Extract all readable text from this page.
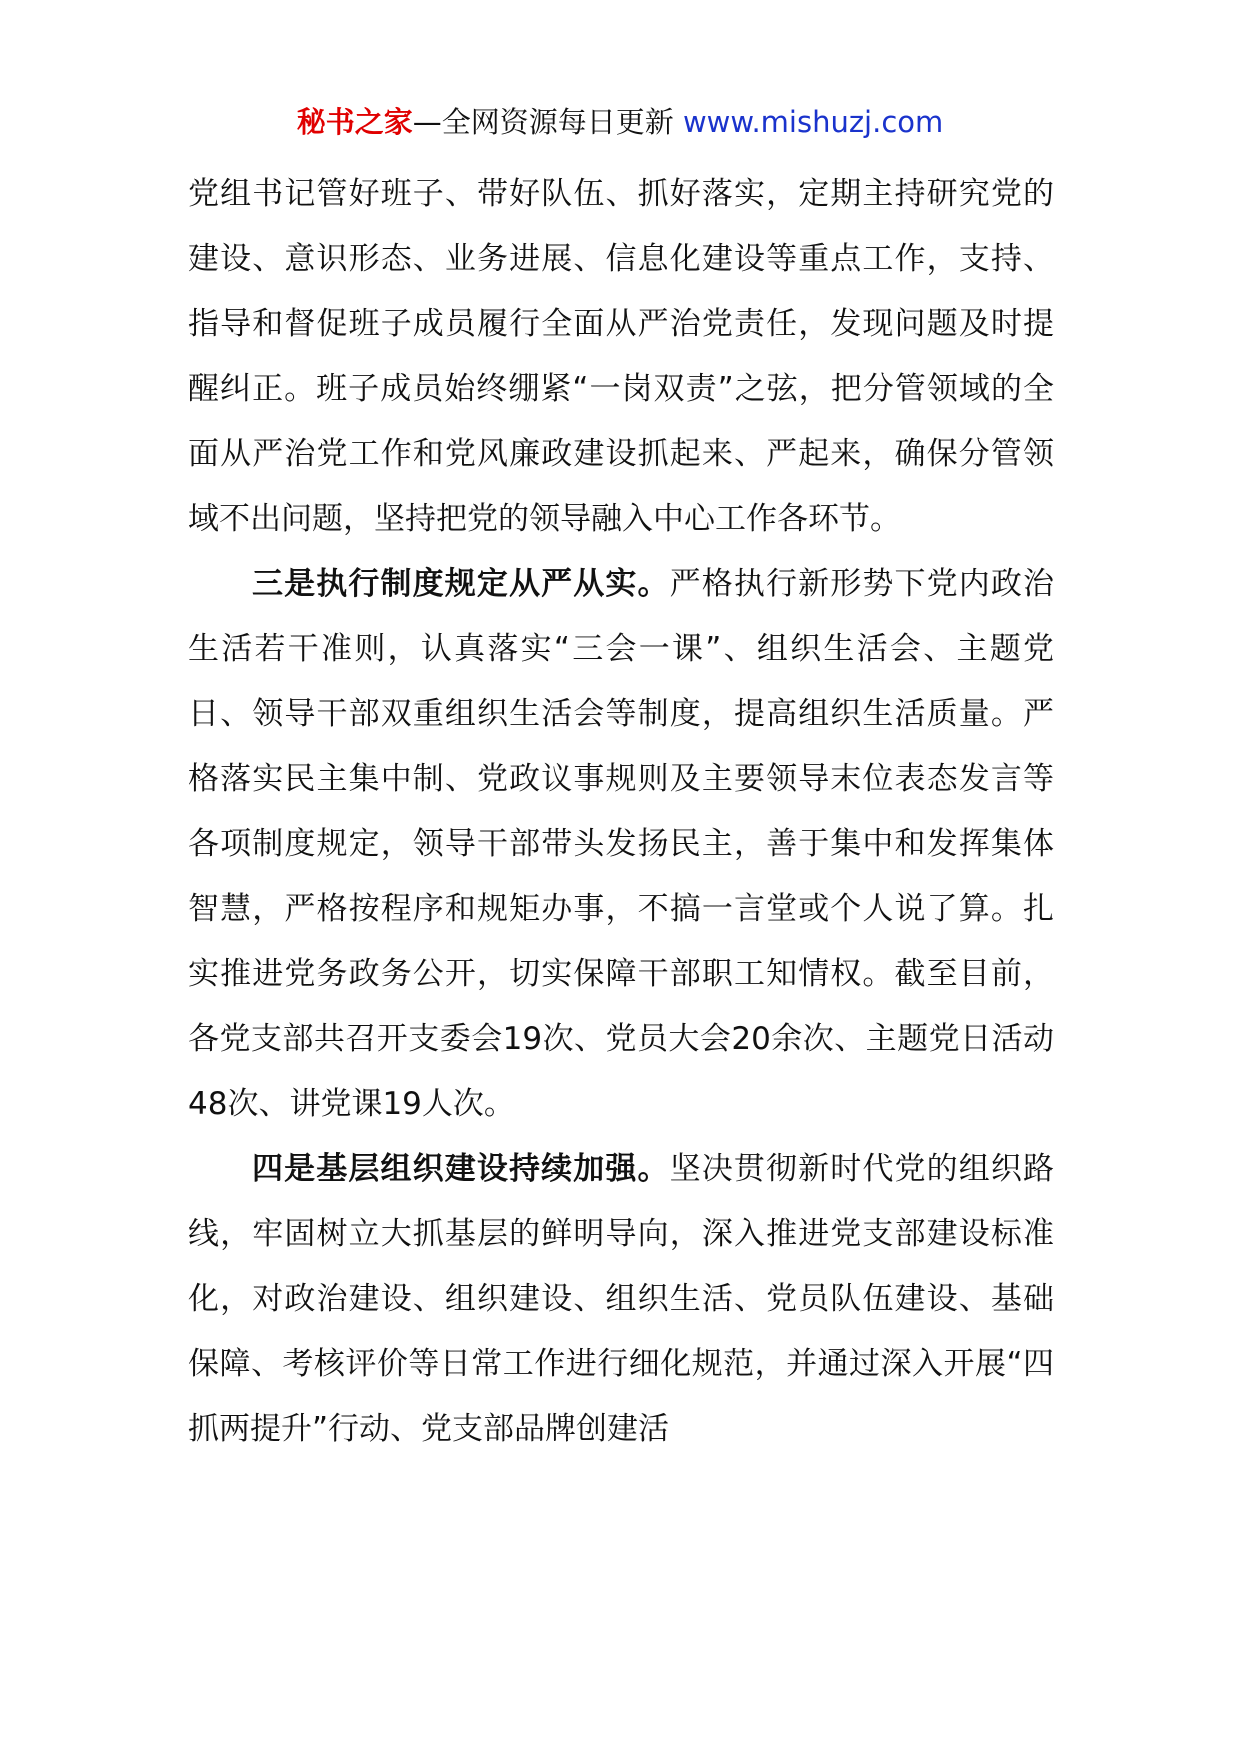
秘书之家—全网资源每日更新 www.mishuzj.com

党组书记管好班子、带好队伍、抓好落实，定期主持研究党的建设、意识形态、业务进展、信息化建设等重点工作，支持、指导和督促班子成员履行全面从严治党责任，发现问题及时提醒纠正。班子成员始终绷紧“一岗双责”之弦，把分管领域的全面从严治党工作和党风廉政建设抓起来、严起来，确保分管领域不出问题，坚持把党的领导融入中心工作各环节。

三是执行制度规定从严从实。严格执行新形势下党内政治生活若干准则，认真落实“三会一课”、组织生活会、主题党日、领导干部双重组织生活会等制度，提高组织生活质量。严格落实民主集中制、党政议事规则及主要领导末位表态发言等各项制度规定，领导干部带头发扬民主，善于集中和发挥集体智慧，严格按程序和规矩办事，不搞一言堂或个人说了算。扎实推进党务政务公开，切实保障干部职工知情权。截至目前，各党支部共召开支委会19次、党员大会20余次、主题党日活动48次、讲党课19人次。

四是基层组织建设持续加强。坚决贯彻新时代党的组织路线，牢固树立大抓基层的鲜明导向，深入推进党支部建设标准化，对政治建设、组织建设、组织生活、党员队伍建设、基础保障、考核评价等日常工作进行细化规范，并通过深入开展“四抓两提升”行动、党支部品牌创建活
